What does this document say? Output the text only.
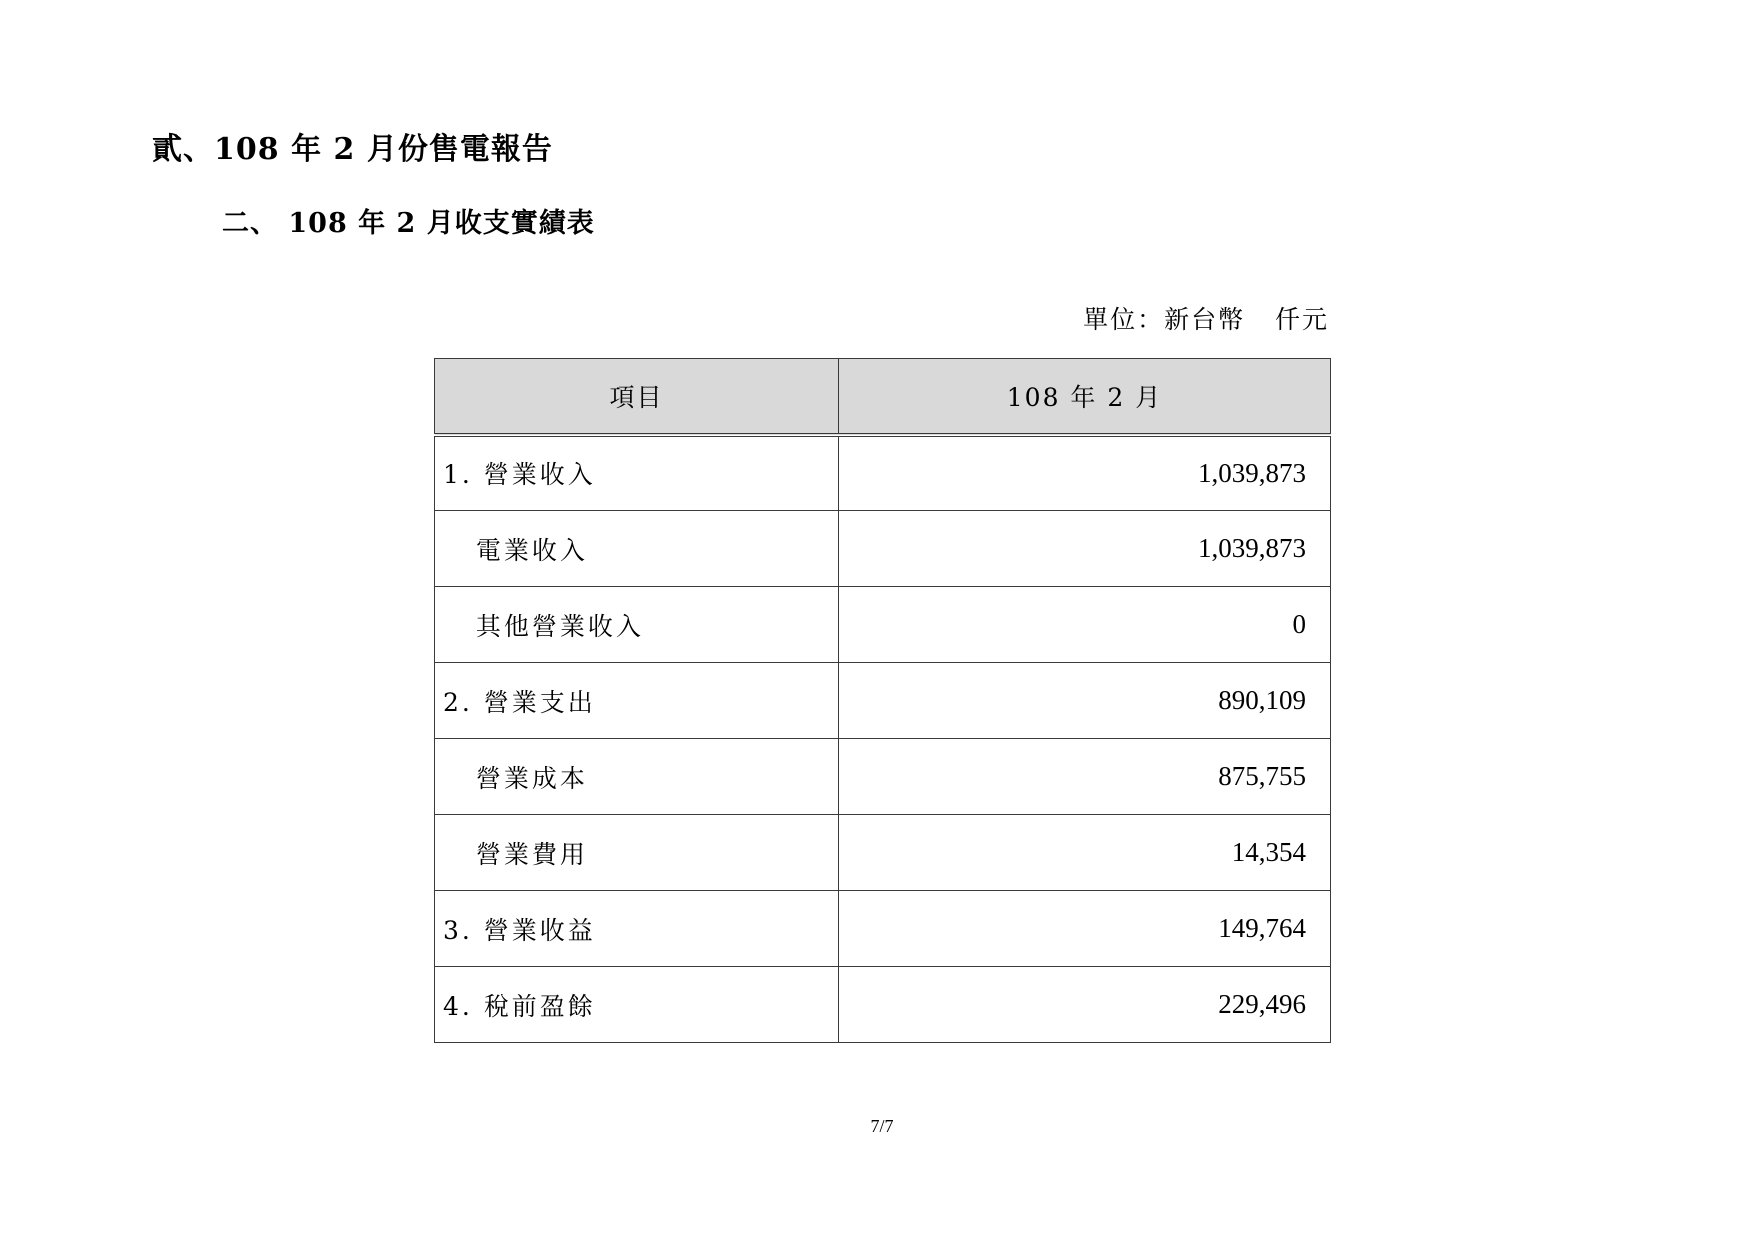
貳、108 年 2 月份售電報告
二、 108 年 2 月收支實績表
單位：新台幣   仟元
項目	108 年 2 月
1. 營業收入	1,039,873
電業收入	1,039,873
其他營業收入	0
2. 營業支出	890,109
營業成本	875,755
營業費用	14,354
3. 營業收益	149,764
4. 稅前盈餘	229,496
7/7
